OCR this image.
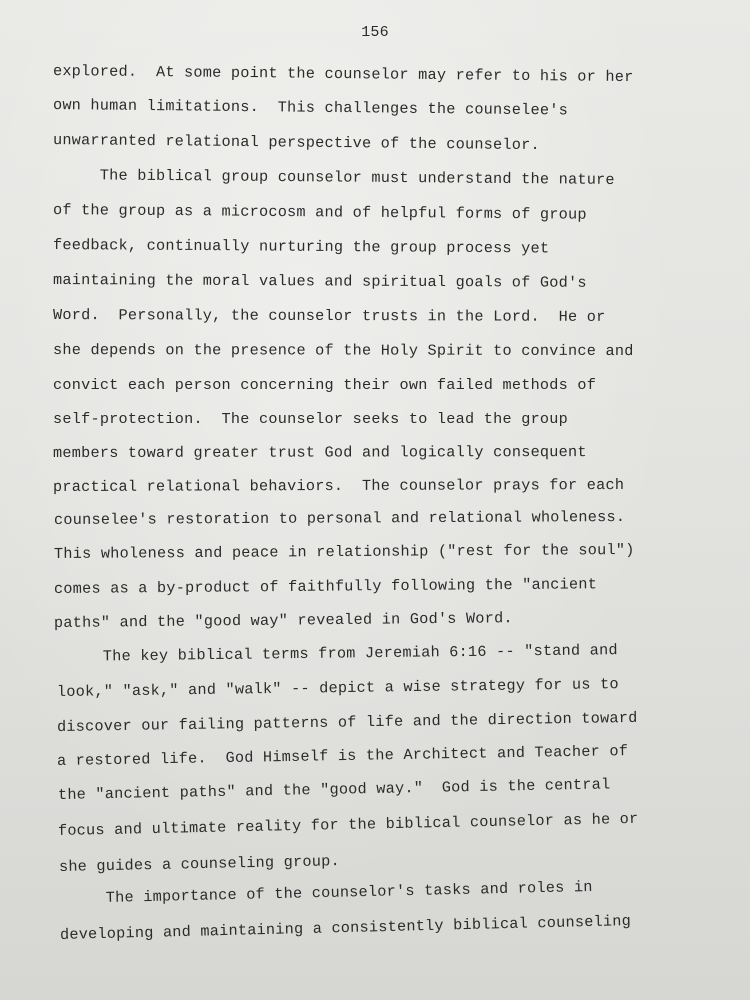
156
explored.  At some point the counselor may refer to his or her
own human limitations.  This challenges the counselee's
unwarranted relational perspective of the counselor.
The biblical group counselor must understand the nature
of the group as a microcosm and of helpful forms of group
feedback, continually nurturing the group process yet
maintaining the moral values and spiritual goals of God's
Word.  Personally, the counselor trusts in the Lord.  He or
she depends on the presence of the Holy Spirit to convince and
convict each person concerning their own failed methods of
self-protection.  The counselor seeks to lead the group
members toward greater trust God and logically consequent
practical relational behaviors.  The counselor prays for each
counselee's restoration to personal and relational wholeness.
This wholeness and peace in relationship ("rest for the soul")
comes as a by-product of faithfully following the "ancient
paths" and the "good way" revealed in God's Word.
The key biblical terms from Jeremiah 6:16 -- "stand and
look," "ask," and "walk" -- depict a wise strategy for us to
discover our failing patterns of life and the direction toward
a restored life.  God Himself is the Architect and Teacher of
the "ancient paths" and the "good way."  God is the central
focus and ultimate reality for the biblical counselor as he or
she guides a counseling group.
The importance of the counselor's tasks and roles in
developing and maintaining a consistently biblical counseling
